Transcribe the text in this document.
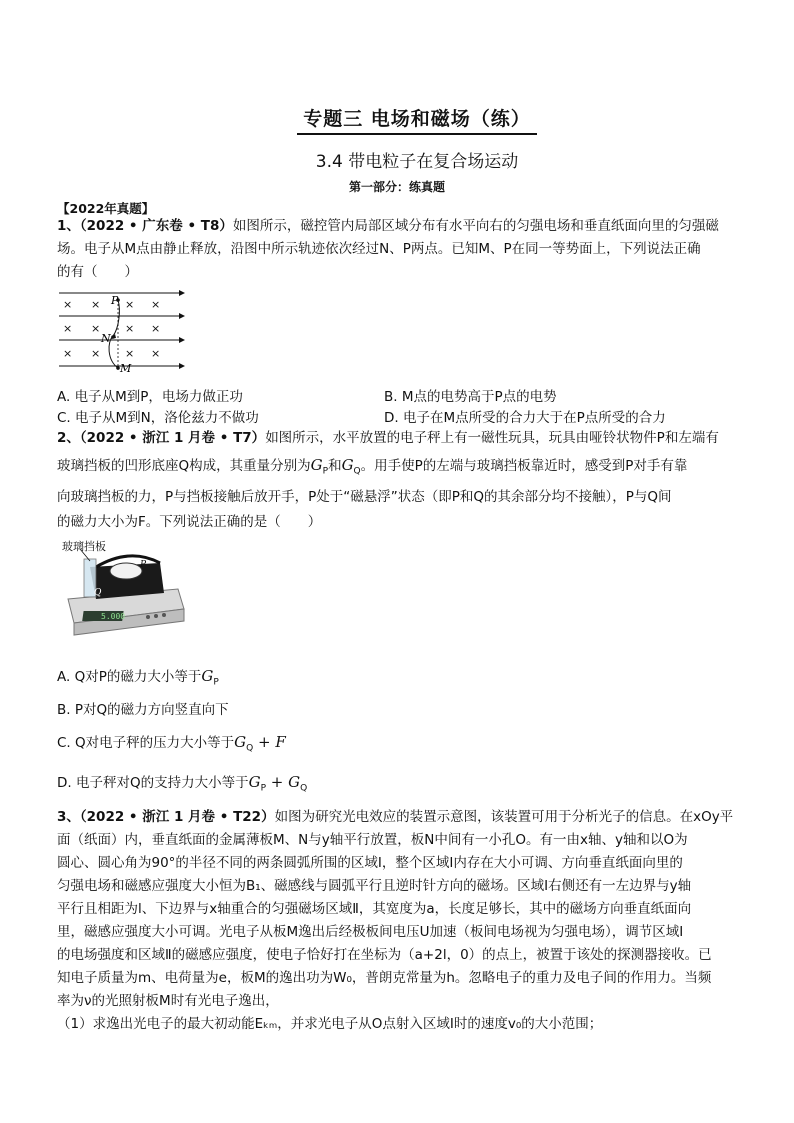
专题三 电场和磁场（练）
3.4 带电粒子在复合场运动
第一部分：练真题
【2022年真题】
1、（2022 • 广东卷 • T8）如图所示，磁控管内局部区域分布有水平向右的匀强电场和垂直纸面向里的匀强磁
场。电子从M点由静止释放，沿图中所示轨迹依次经过N、P两点。已知M、P在同一等势面上，下列说法正确
的有（　　）
× × × ×
× × × ×
× × × ×
P
N
M
A. 电子从M到P，电场力做正功	B. M点的电势高于P点的电势
C. 电子从M到N，洛伦兹力不做功	D. 电子在M点所受的合力大于在P点所受的合力
2、（2022 • 浙江 1 月卷 • T7）如图所示，水平放置的电子秤上有一磁性玩具，玩具由哑铃状物件P和左端有
玻璃挡板的凹形底座Q构成，其重量分别为$G_P$和$G_Q$。用手使P的左端与玻璃挡板靠近时，感受到P对手有靠
向玻璃挡板的力，P与挡板接触后放开手，P处于“磁悬浮”状态（即P和Q的其余部分均不接触），P与Q间
的磁力大小为F。下列说法正确的是（　　）
5.000
Q
P
玻璃挡板
A. Q对P的磁力大小等于$G_P$
B. P对Q的磁力方向竖直向下
C. Q对电子秤的压力大小等于$G_Q + F$
D. 电子秤对Q的支持力大小等于$G_P + G_Q$
3、（2022 • 浙江 1 月卷 • T22）如图为研究光电效应的装置示意图，该装置可用于分析光子的信息。在xOy平
面（纸面）内，垂直纸面的金属薄板M、N与y轴平行放置，板N中间有一小孔O。有一由x轴、y轴和以O为
圆心、圆心角为90°的半径不同的两条圆弧所围的区域Ⅰ，整个区域Ⅰ内存在大小可调、方向垂直纸面向里的
匀强电场和磁感应强度大小恒为B₁、磁感线与圆弧平行且逆时针方向的磁场。区域Ⅰ右侧还有一左边界与y轴
平行且相距为l、下边界与x轴重合的匀强磁场区域Ⅱ，其宽度为a，长度足够长，其中的磁场方向垂直纸面向
里，磁感应强度大小可调。光电子从板M逸出后经极板间电压U加速（板间电场视为匀强电场），调节区域Ⅰ
的电场强度和区域Ⅱ的磁感应强度，使电子恰好打在坐标为（a+2l，0）的点上，被置于该处的探测器接收。已
知电子质量为m、电荷量为e，板M的逸出功为W₀，普朗克常量为h。忽略电子的重力及电子间的作用力。当频
率为ν的光照射板M时有光电子逸出，
（1）求逸出光电子的最大初动能Eₖₘ，并求光电子从O点射入区域Ⅰ时的速度v₀的大小范围；
